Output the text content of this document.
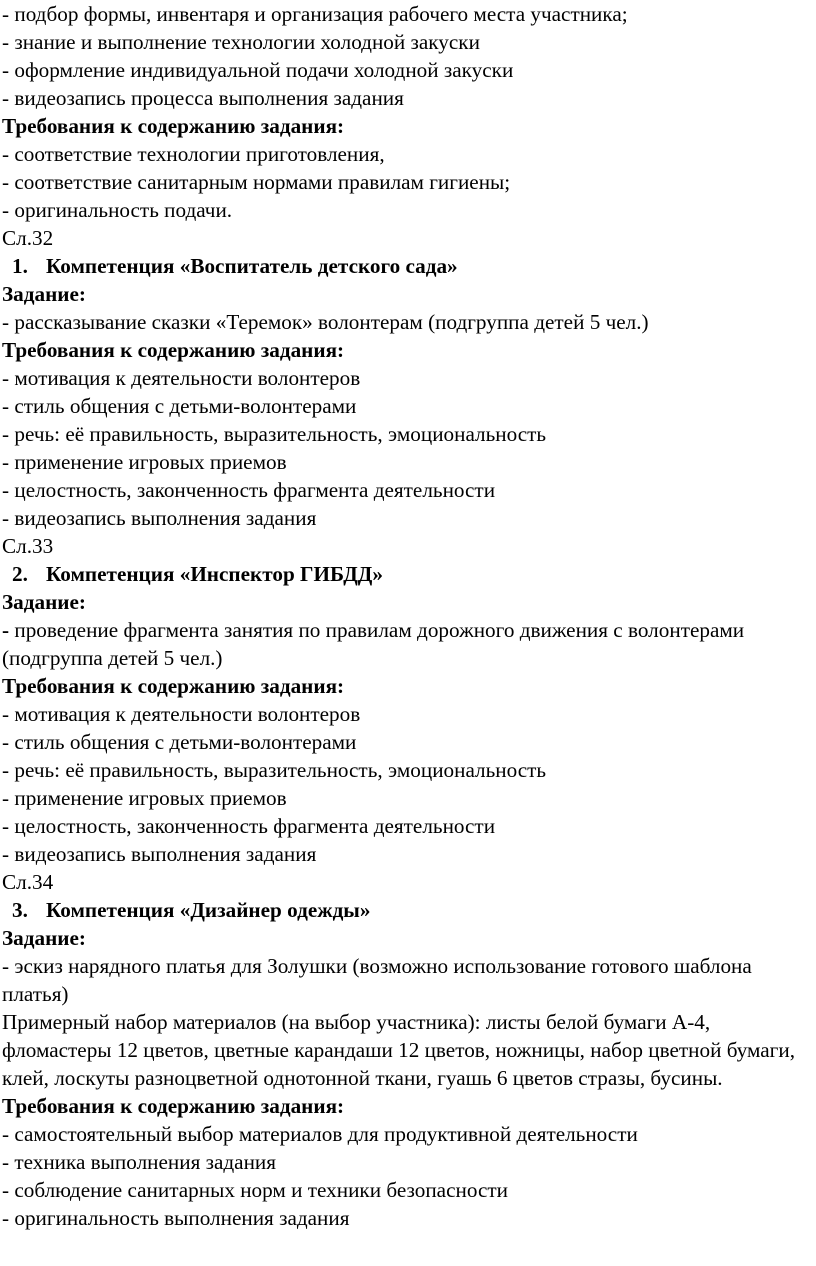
- подбор формы, инвентаря и организация рабочего места участника;
- знание и выполнение технологии холодной закуски
- оформление индивидуальной подачи холодной закуски
- видеозапись процесса выполнения задания
Требования к содержанию задания:
- соответствие технологии приготовления,
- соответствие санитарным нормами правилам гигиены;
- оригинальность подачи.
Сл.32
1. Компетенция «Воспитатель детского сада»
Задание:
- рассказывание сказки «Теремок» волонтерам (подгруппа детей 5 чел.)
Требования к содержанию задания:
- мотивация к деятельности волонтеров
- стиль общения с детьми-волонтерами
- речь: её правильность, выразительность, эмоциональность
- применение игровых приемов
- целостность, законченность фрагмента деятельности
- видеозапись выполнения задания
Сл.33
2. Компетенция «Инспектор ГИБДД»
Задание:
- проведение фрагмента занятия по правилам дорожного движения с волонтерами (подгруппа детей 5 чел.)
Требования к содержанию задания:
- мотивация к деятельности волонтеров
- стиль общения с детьми-волонтерами
- речь: её правильность, выразительность, эмоциональность
- применение игровых приемов
- целостность, законченность фрагмента деятельности
- видеозапись выполнения задания
Сл.34
3. Компетенция «Дизайнер одежды»
Задание:
- эскиз нарядного платья для Золушки (возможно использование готового шаблона платья)
Примерный набор материалов (на выбор участника): листы белой бумаги А-4, фломастеры 12 цветов, цветные карандаши 12 цветов, ножницы, набор цветной бумаги, клей, лоскуты разноцветной однотонной ткани, гуашь 6 цветов стразы, бусины.
Требования к содержанию задания:
- самостоятельный выбор материалов для продуктивной деятельности
- техника выполнения задания
- соблюдение санитарных норм и техники безопасности
- оригинальность выполнения задания
